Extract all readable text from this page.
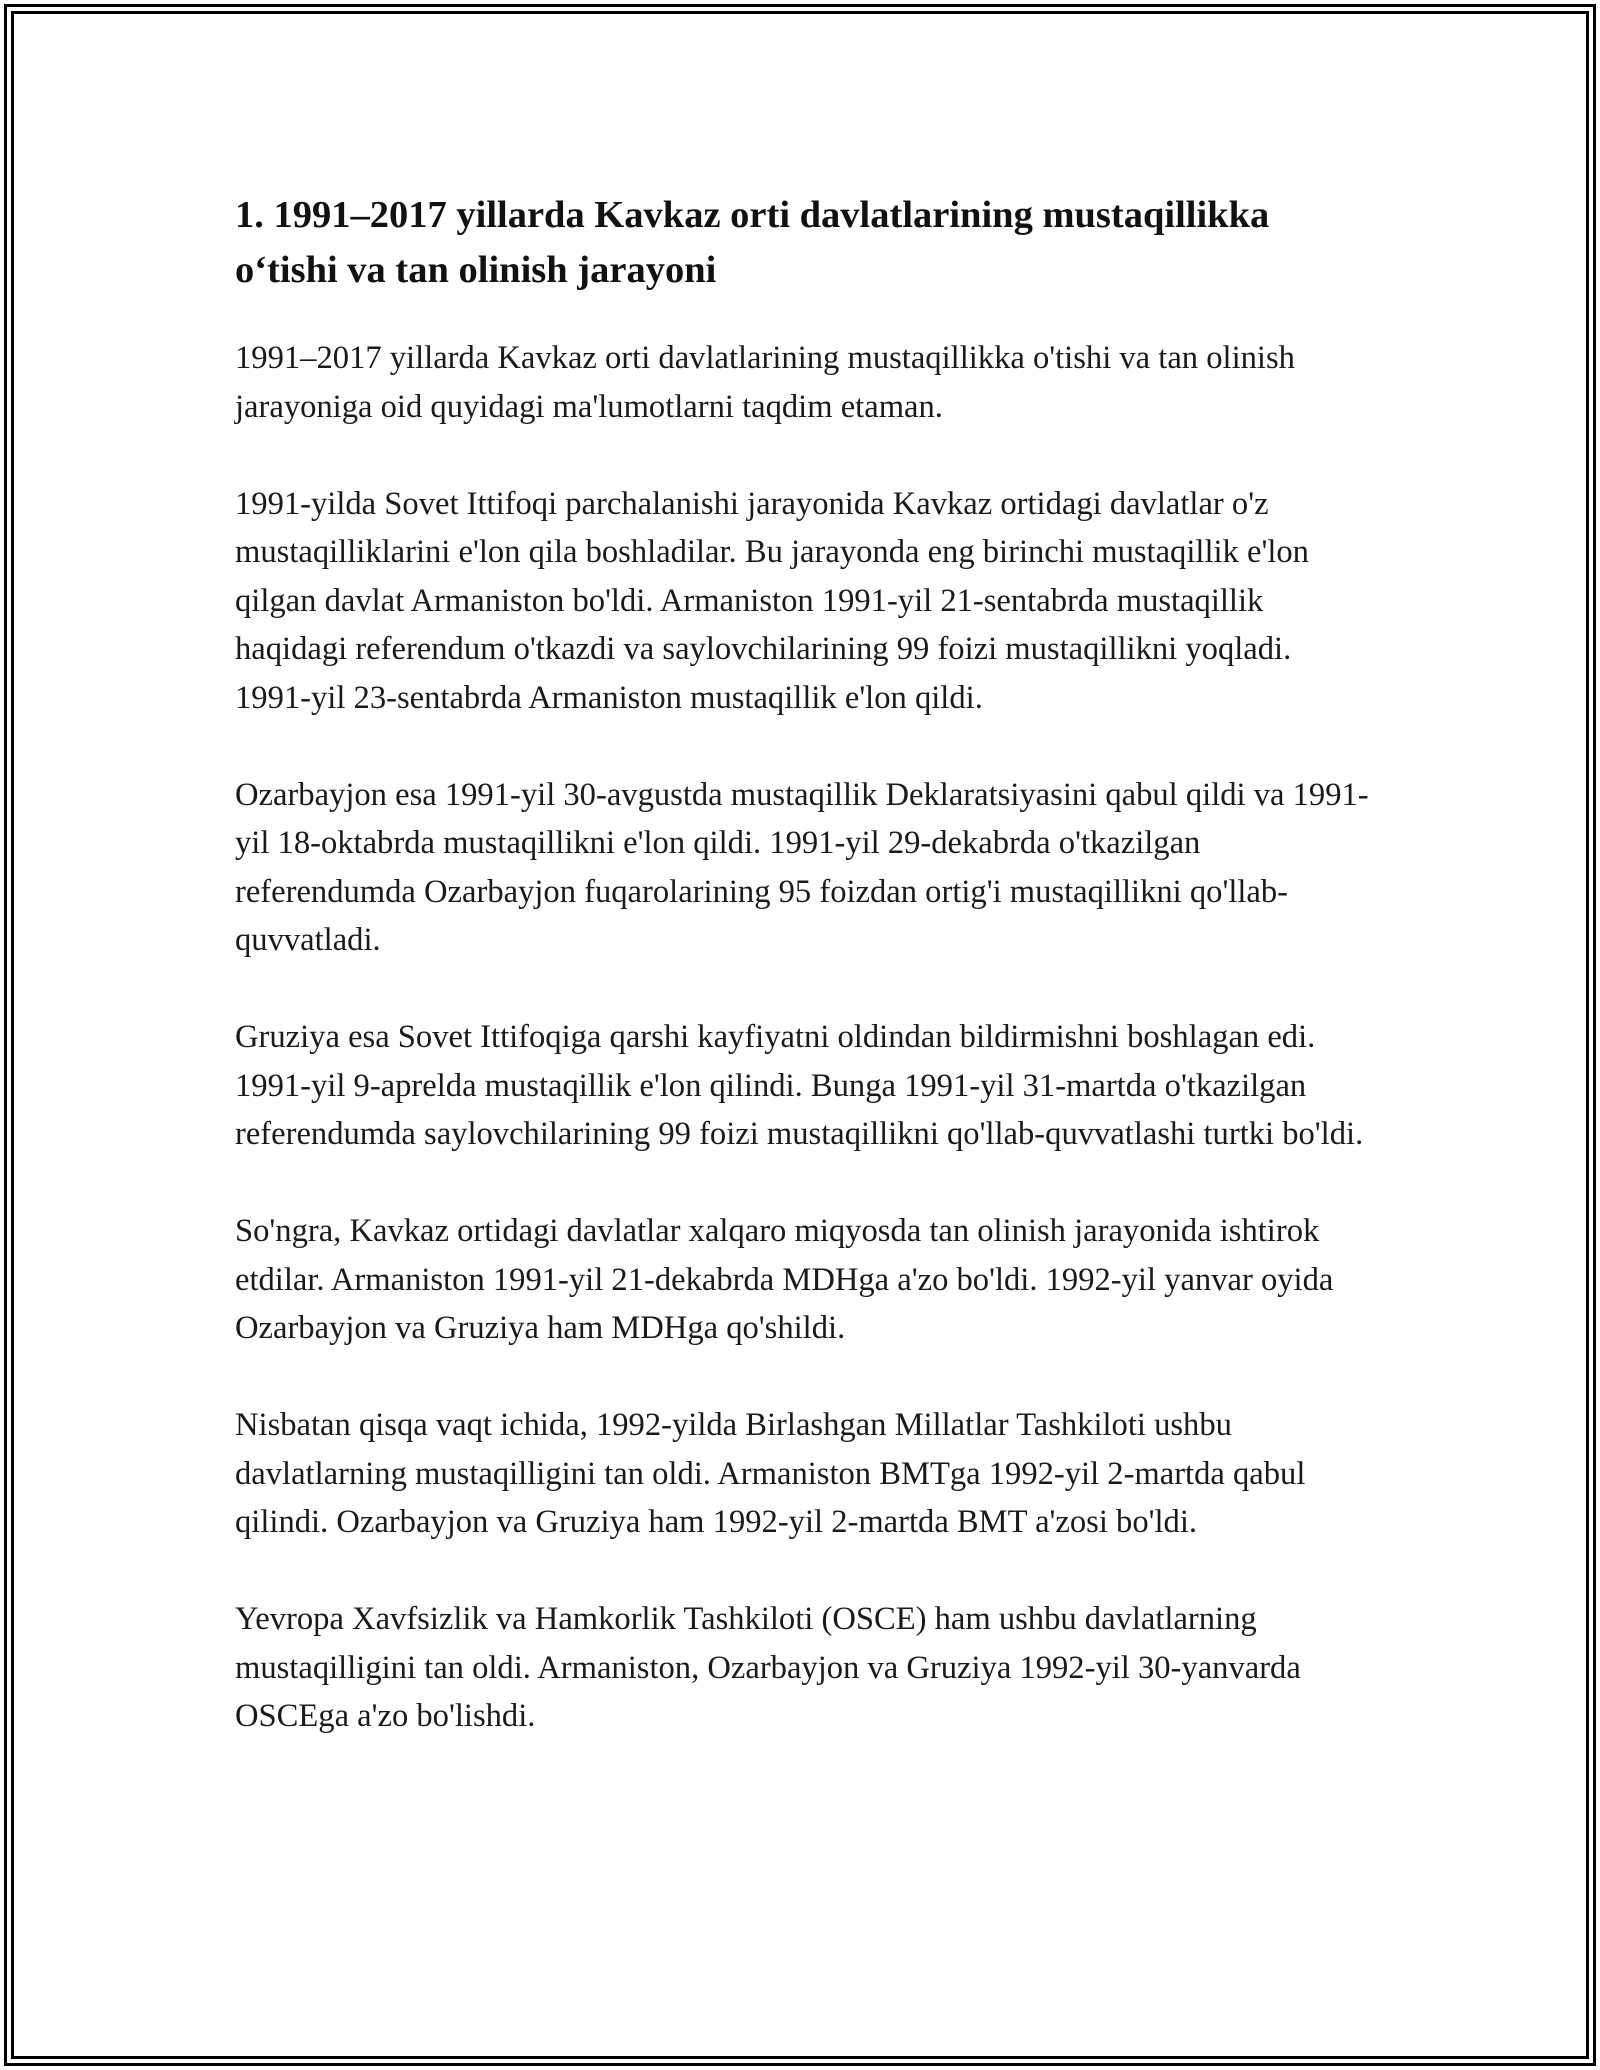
1. 1991–2017 yillarda Kavkaz orti davlatlarining mustaqillikka o‘tishi va tan olinish jarayoni

1991–2017 yillarda Kavkaz orti davlatlarining mustaqillikka o'tishi va tan olinish jarayoniga oid quyidagi ma'lumotlarni taqdim etaman.

1991-yilda Sovet Ittifoqi parchalanishi jarayonida Kavkaz ortidagi davlatlar o'z mustaqilliklarini e'lon qila boshladilar. Bu jarayonda eng birinchi mustaqillik e'lon qilgan davlat Armaniston bo'ldi. Armaniston 1991-yil 21-sentabrda mustaqillik haqidagi referendum o'tkazdi va saylovchilarining 99 foizi mustaqillikni yoqladi. 1991-yil 23-sentabrda Armaniston mustaqillik e'lon qildi.

Ozarbayjon esa 1991-yil 30-avgustda mustaqillik Deklaratsiyasini qabul qildi va 1991-yil 18-oktabrda mustaqillikni e'lon qildi. 1991-yil 29-dekabrda o'tkazilgan referendumda Ozarbayjon fuqarolarining 95 foizdan ortig'i mustaqillikni qo'llab-quvvatladi.

Gruziya esa Sovet Ittifoqiga qarshi kayfiyatni oldindan bildirmishni boshlagan edi. 1991-yil 9-aprelda mustaqillik e'lon qilindi. Bunga 1991-yil 31-martda o'tkazilgan referendumda saylovchilarining 99 foizi mustaqillikni qo'llab-quvvatlashi turtki bo'ldi.

So'ngra, Kavkaz ortidagi davlatlar xalqaro miqyosda tan olinish jarayonida ishtirok etdilar. Armaniston 1991-yil 21-dekabrda MDHga a'zo bo'ldi. 1992-yil yanvar oyida Ozarbayjon va Gruziya ham MDHga qo'shildi.

Nisbatan qisqa vaqt ichida, 1992-yilda Birlashgan Millatlar Tashkiloti ushbu davlatlarning mustaqilligini tan oldi. Armaniston BMTga 1992-yil 2-martda qabul qilindi. Ozarbayjon va Gruziya ham 1992-yil 2-martda BMT a'zosi bo'ldi.

Yevropa Xavfsizlik va Hamkorlik Tashkiloti (OSCE) ham ushbu davlatlarning mustaqilligini tan oldi. Armaniston, Ozarbayjon va Gruziya 1992-yil 30-yanvarda OSCEga a'zo bo'lishdi.
